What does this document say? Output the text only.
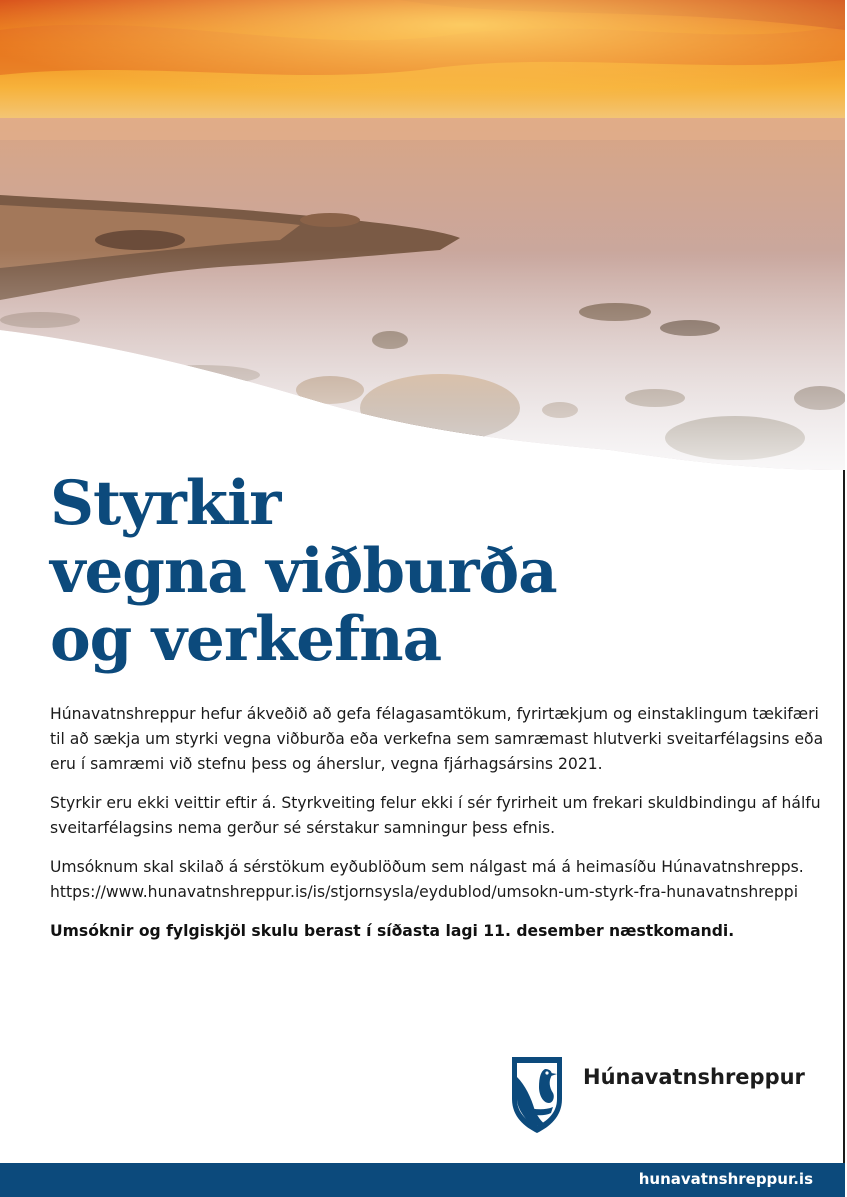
Styrkir
vegna viðburða
og verkefna

Húnavatnshreppur hefur ákveðið að gefa félagasamtökum, fyrirtækjum og einstaklingum tækifæri
til að sækja um styrki vegna viðburða eða verkefna sem samræmast hlutverki sveitarfélagsins eða
eru í samræmi við stefnu þess og áherslur, vegna fjárhagsársins 2021.

Styrkir eru ekki veittir eftir á. Styrkveiting felur ekki í sér fyrirheit um frekari skuldbindingu af hálfu
sveitarfélagsins nema gerður sé sérstakur samningur þess efnis.

Umsóknum skal skilað á sérstökum eyðublöðum sem nálgast má á heimasíðu Húnavatnshrepps.
https://www.hunavatnshreppur.is/is/stjornsysla/eydublod/umsokn-um-styrk-fra-hunavatnshreppi

Umsóknir og fylgiskjöl skulu berast í síðasta lagi 11. desember næstkomandi.

Húnavatnshreppur
hunavatnshreppur.is
